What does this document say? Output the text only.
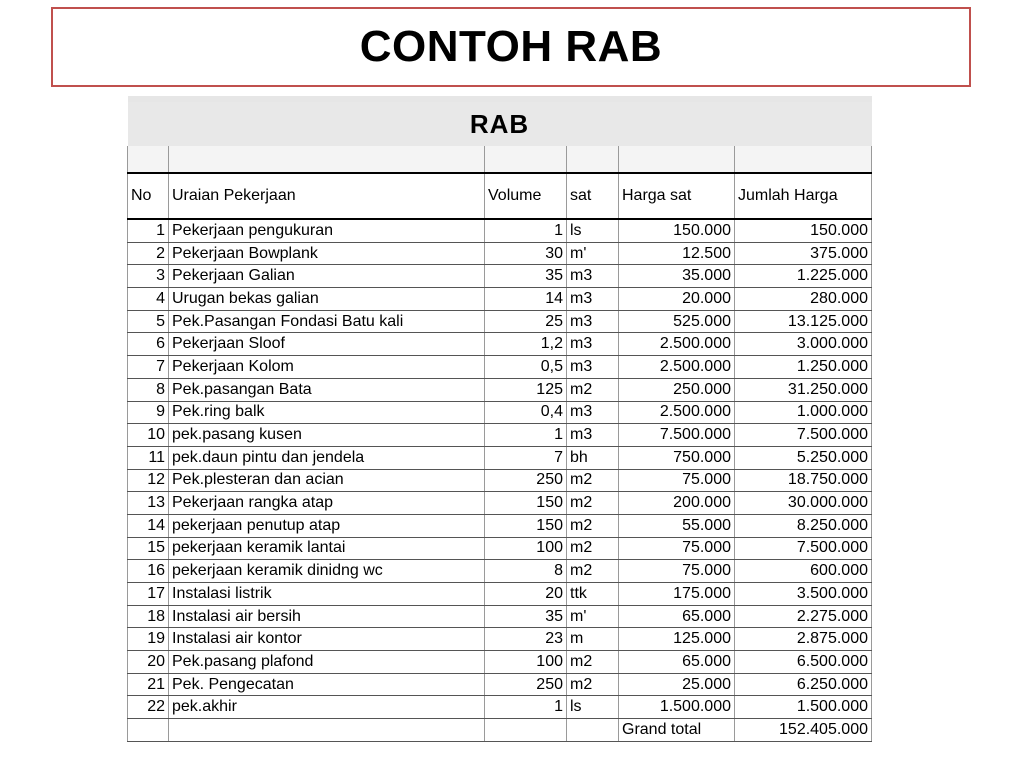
CONTOH RAB

RAB					

No	Uraian Pekerjaan	Volume	sat	Harga sat	Jumlah Harga
1	Pekerjaan pengukuran	1	ls	150.000	150.000
2	Pekerjaan Bowplank	30	m'	12.500	375.000
3	Pekerjaan Galian	35	m3	35.000	1.225.000
4	Urugan bekas galian	14	m3	20.000	280.000
5	Pek.Pasangan Fondasi Batu kali	25	m3	525.000	13.125.000
6	Pekerjaan Sloof	1,2	m3	2.500.000	3.000.000
7	Pekerjaan Kolom	0,5	m3	2.500.000	1.250.000
8	Pek.pasangan Bata	125	m2	250.000	31.250.000
9	Pek.ring balk	0,4	m3	2.500.000	1.000.000
10	pek.pasang kusen	1	m3	7.500.000	7.500.000
11	pek.daun pintu dan jendela	7	bh	750.000	5.250.000
12	Pek.plesteran dan acian	250	m2	75.000	18.750.000
13	Pekerjaan rangka atap	150	m2	200.000	30.000.000
14	pekerjaan penutup atap	150	m2	55.000	8.250.000
15	pekerjaan keramik lantai	100	m2	75.000	7.500.000
16	pekerjaan keramik dinidng wc	8	m2	75.000	600.000
17	Instalasi listrik	20	ttk	175.000	3.500.000
18	Instalasi air bersih	35	m'	65.000	2.275.000
19	Instalasi air kontor	23	m	125.000	2.875.000
20	Pek.pasang plafond	100	m2	65.000	6.500.000
21	Pek. Pengecatan	250	m2	25.000	6.250.000
22	pek.akhir	1	ls	1.500.000	1.500.000
				Grand total	152.405.000
